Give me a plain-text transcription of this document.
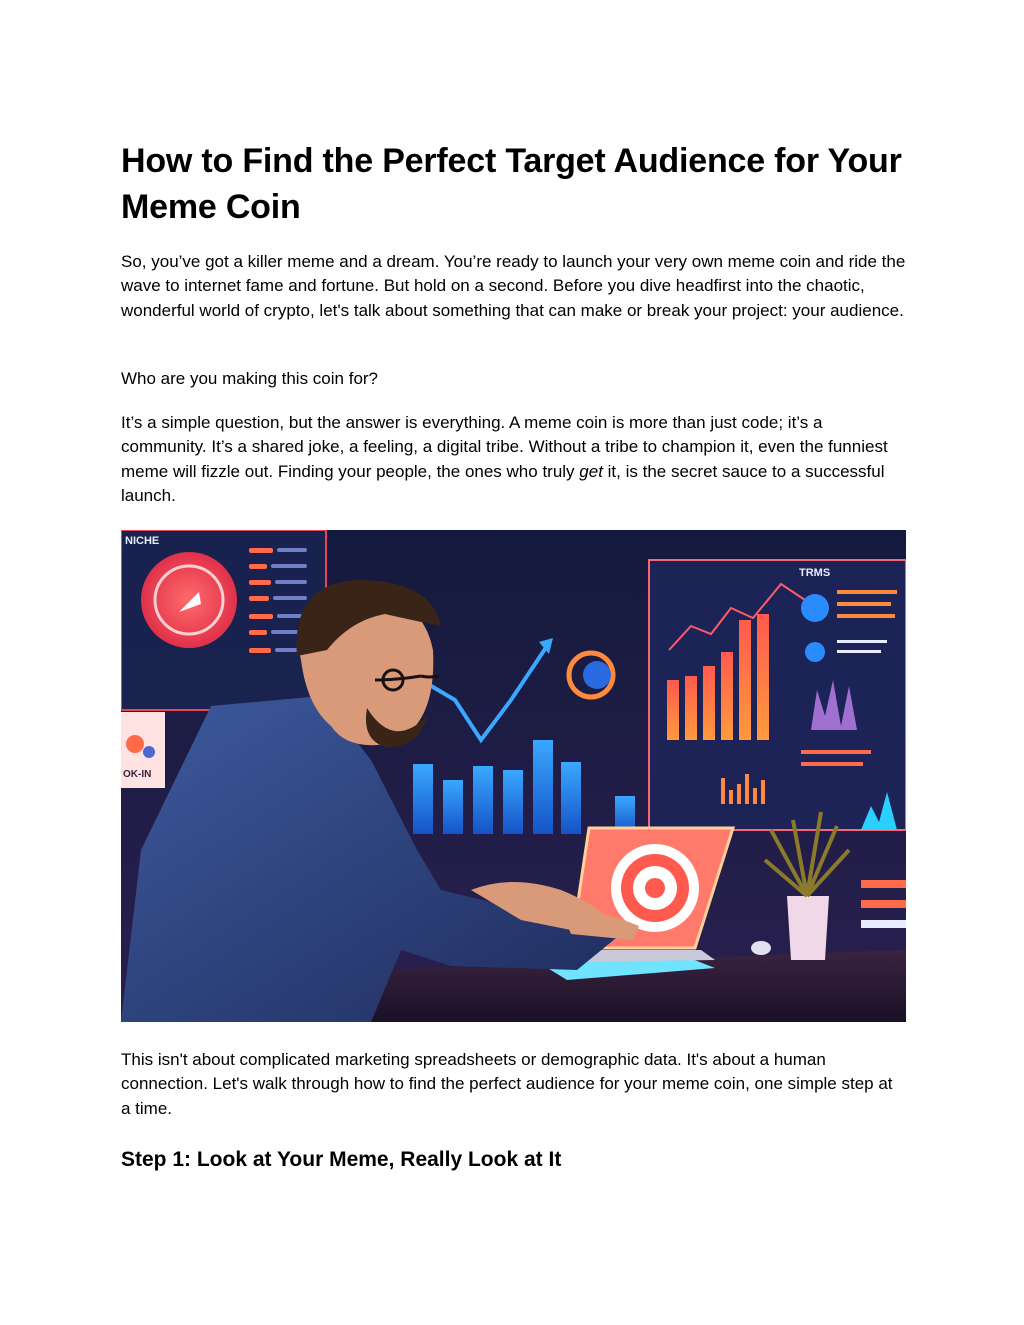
How to Find the Perfect Target Audience for Your Meme Coin

So, you’ve got a killer meme and a dream. You’re ready to launch your very own meme coin and ride the wave to internet fame and fortune. But hold on a second. Before you dive headfirst into the chaotic, wonderful world of crypto, let's talk about something that can make or break your project: your audience.

Who are you making this coin for?

It’s a simple question, but the answer is everything. A meme coin is more than just code; it’s a community. It’s a shared joke, a feeling, a digital tribe. Without a tribe to champion it, even the funniest meme will fizzle out. Finding your people, the ones who truly get it, is the secret sauce to a successful launch.

NICHE
OK-IN
TRMS

This isn't about complicated marketing spreadsheets or demographic data. It's about a human connection. Let's walk through how to find the perfect audience for your meme coin, one simple step at a time.

Step 1: Look at Your Meme, Really Look at It
